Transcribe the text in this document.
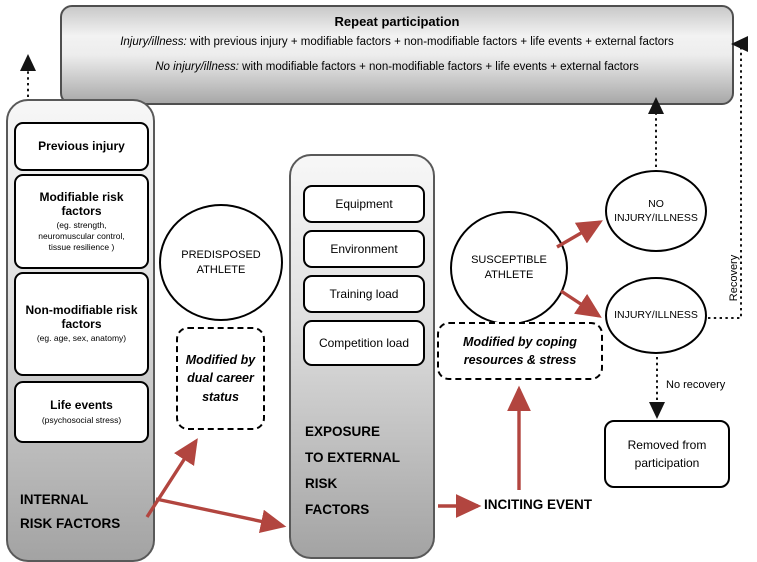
Repeat participation
Injury/illness: with previous injury + modifiable factors + non-modifiable factors + life events + external factors
No injury/illness: with modifiable factors + non-modifiable factors + life events + external factors
Previous injury
Modifiable risk factors
(eg. strength, neuromuscular control, tissue resilience )
Non-modifiable risk factors
(eg. age, sex, anatomy)
Life events
(psychosocial stress)
INTERNAL
RISK FACTORS
PREDISPOSED ATHLETE
Modified by dual career status
Equipment
Environment
Training load
Competition load
EXPOSURE
TO EXTERNAL
RISK
FACTORS
SUSCEPTIBLE ATHLETE
Modified by coping resources & stress
INCITING EVENT
NO INJURY/ILLNESS
INJURY/ILLNESS
Removed from participation
Recovery
No recovery
